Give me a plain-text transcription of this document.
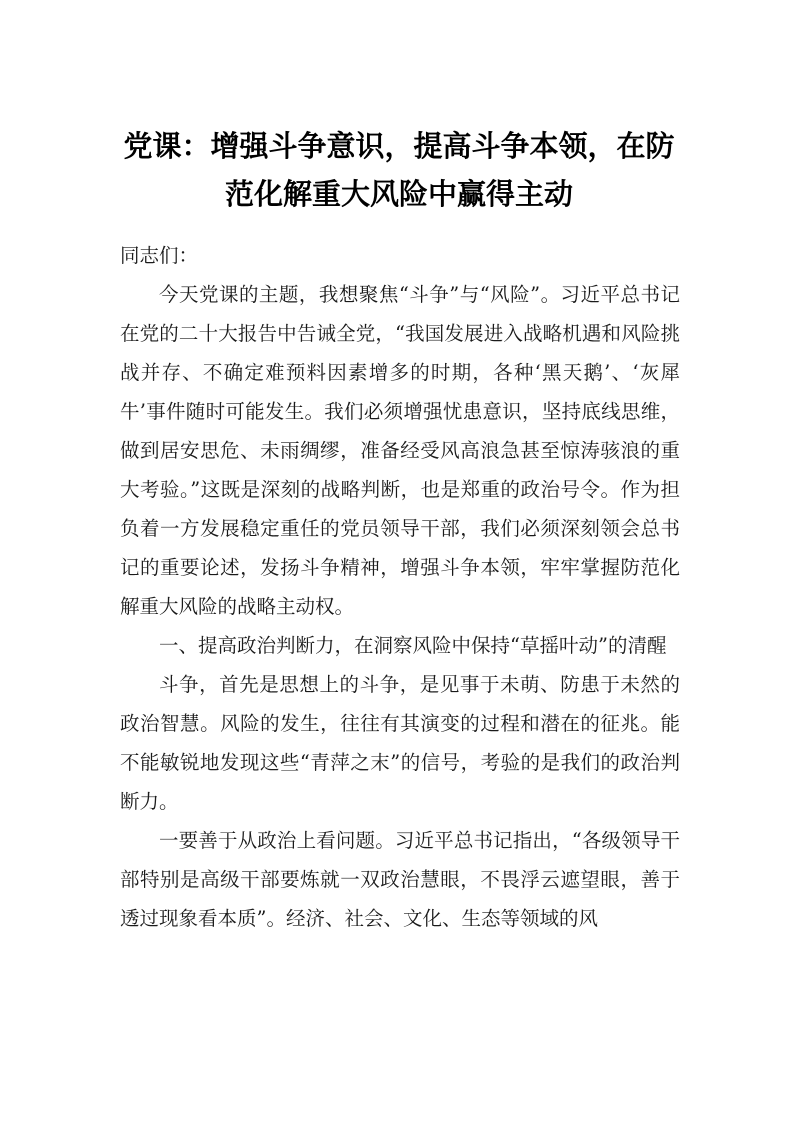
党课：增强斗争意识，提高斗争本领，在防
范化解重大风险中赢得主动

同志们：

今天党课的主题，我想聚焦“斗争”与“风险”。习近平总书记在党的二十大报告中告诫全党，“我国发展进入战略机遇和风险挑战并存、不确定难预料因素增多的时期，各种‘黑天鹅’、‘灰犀牛’事件随时可能发生。我们必须增强忧患意识，坚持底线思维，做到居安思危、未雨绸缪，准备经受风高浪急甚至惊涛骇浪的重大考验。”这既是深刻的战略判断，也是郑重的政治号令。作为担负着一方发展稳定重任的党员领导干部，我们必须深刻领会总书记的重要论述，发扬斗争精神，增强斗争本领，牢牢掌握防范化解重大风险的战略主动权。

一、提高政治判断力，在洞察风险中保持“草摇叶动”的清醒

斗争，首先是思想上的斗争，是见事于未萌、防患于未然的政治智慧。风险的发生，往往有其演变的过程和潜在的征兆。能不能敏锐地发现这些“青萍之末”的信号，考验的是我们的政治判断力。

一要善于从政治上看问题。习近平总书记指出，“各级领导干部特别是高级干部要炼就一双政治慧眼，不畏浮云遮望眼，善于透过现象看本质”。经济、社会、文化、生态等领域的风
